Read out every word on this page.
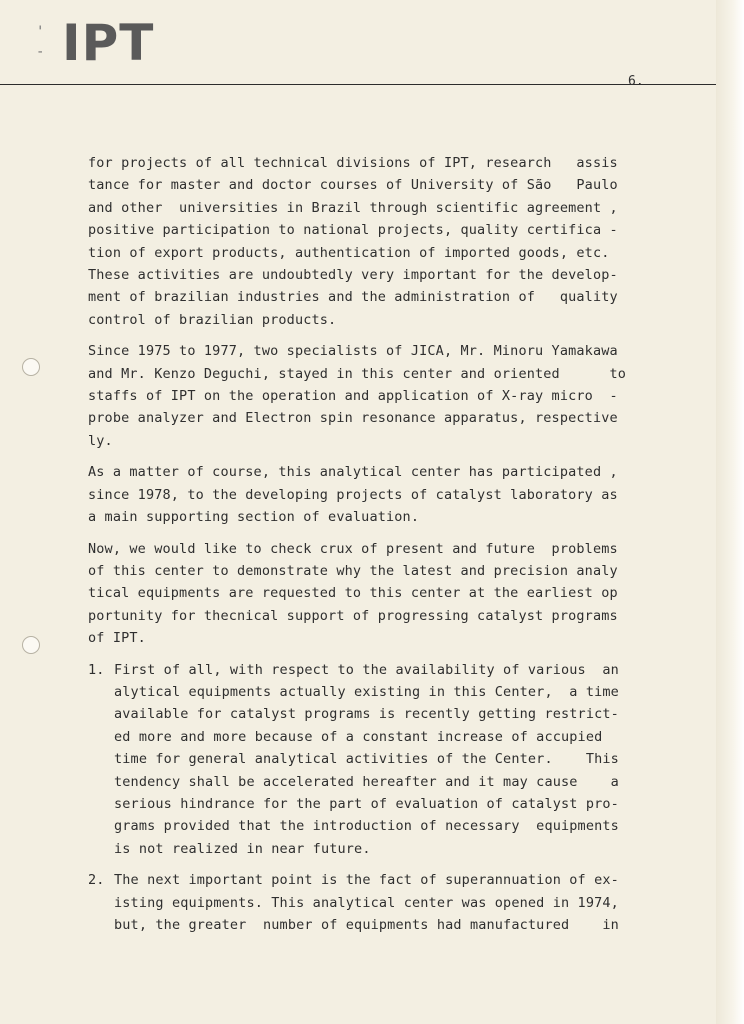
'
- IPT
6.
for projects of all technical divisions of IPT, research   assis
tance for master and doctor courses of University of São   Paulo
and other  universities in Brazil through scientific agreement ,
positive participation to national projects, quality certifica -
tion of export products, authentication of imported goods, etc.
These activities are undoubtedly very important for the develop-
ment of brazilian industries and the administration of   quality
control of brazilian products.
Since 1975 to 1977, two specialists of JICA, Mr. Minoru Yamakawa
and Mr. Kenzo Deguchi, stayed in this center and oriented      to
staffs of IPT on the operation and application of X-ray micro  -
probe analyzer and Electron spin resonance apparatus, respective
ly.
As a matter of course, this analytical center has participated ,
since 1978, to the developing projects of catalyst laboratory as
a main supporting section of evaluation.
Now, we would like to check crux of present and future  problems
of this center to demonstrate why the latest and precision analy
tical equipments are requested to this center at the earliest op
portunity for thecnical support of progressing catalyst programs
of IPT.
1. First of all, with respect to the availability of various  an
alytical equipments actually existing in this Center,  a time
available for catalyst programs is recently getting restrict-
ed more and more because of a constant increase of accupied
time for general analytical activities of the Center.    This
tendency shall be accelerated hereafter and it may cause    a
serious hindrance for the part of evaluation of catalyst pro-
grams provided that the introduction of necessary  equipments
is not realized in near future.
2. The next important point is the fact of superannuation of ex-
isting equipments. This analytical center was opened in 1974,
but, the greater  number of equipments had manufactured    in
